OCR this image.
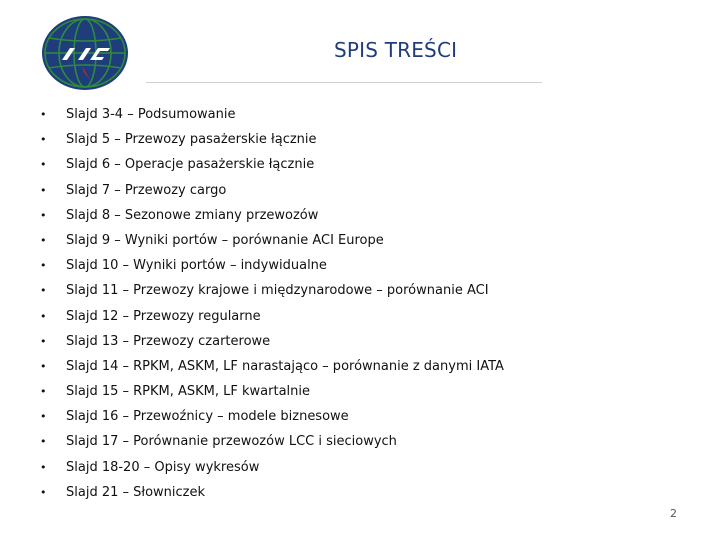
SPIS TREŚCI
• Slajd 3-4 – Podsumowanie
• Slajd 5 – Przewozy pasażerskie łącznie
• Slajd 6 – Operacje pasażerskie łącznie
• Slajd 7 – Przewozy cargo
• Slajd 8 – Sezonowe zmiany przewozów
• Slajd 9 – Wyniki portów – porównanie ACI Europe
• Slajd 10 – Wyniki portów – indywidualne
• Slajd 11 – Przewozy krajowe i międzynarodowe – porównanie ACI
• Slajd 12 – Przewozy regularne
• Slajd 13 – Przewozy czarterowe
• Slajd 14 – RPKM, ASKM, LF narastająco – porównanie z danymi IATA
• Slajd 15 – RPKM, ASKM, LF kwartalnie
• Slajd 16 – Przewoźnicy – modele biznesowe
• Slajd 17 – Porównanie przewozów LCC i sieciowych
• Slajd 18-20 – Opisy wykresów
• Slajd 21 – Słowniczek
2
